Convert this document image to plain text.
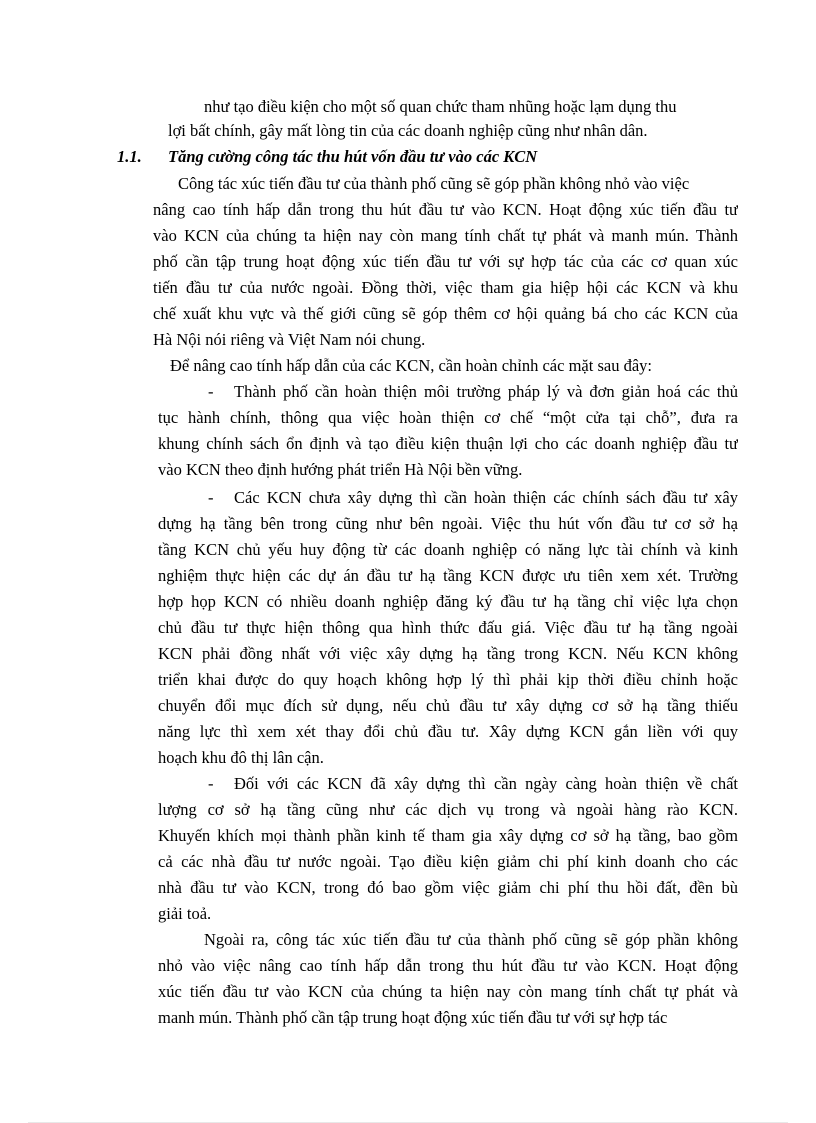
như tạo điều kiện cho một số quan chức tham nhũng hoặc lạm dụng thu
lợi bất chính, gây mất lòng tin của các doanh nghiệp cũng như nhân dân.
1.1. Tăng cường công tác thu hút vốn đầu tư vào các KCN
Công tác xúc tiến đầu tư của thành phố cũng sẽ góp phần không nhỏ vào việc
nâng cao tính hấp dẫn trong thu hút đầu tư vào KCN. Hoạt động xúc tiến đầu tư
vào KCN của chúng ta hiện nay còn mang tính chất tự phát và manh mún. Thành
phố cần tập trung hoạt động xúc tiến đầu tư với sự hợp tác của các cơ quan xúc
tiến đầu tư của nước ngoài. Đồng thời, việc tham gia hiệp hội các KCN và khu
chế xuất khu vực và thế giới cũng sẽ góp thêm cơ hội quảng bá cho các KCN của
Hà Nội nói riêng và Việt Nam nói chung.
Để nâng cao tính hấp dẫn của các KCN, cần hoàn chỉnh các mặt sau đây:
- Thành phố cần hoàn thiện môi trường pháp lý và đơn giản hoá các thủ
tục hành chính, thông qua việc hoàn thiện cơ chế “một cửa tại chỗ”, đưa ra
khung chính sách ổn định và tạo điều kiện thuận lợi cho các doanh nghiệp đầu tư
vào KCN theo định hướng phát triển Hà Nội bền vững.
- Các KCN chưa xây dựng thì cần hoàn thiện các chính sách đầu tư xây
dựng hạ tầng bên trong cũng như bên ngoài. Việc thu hút vốn đầu tư cơ sở hạ
tầng KCN chủ yếu huy động từ các doanh nghiệp có năng lực tài chính và kinh
nghiệm thực hiện các dự án đầu tư hạ tầng KCN được ưu tiên xem xét. Trường
hợp họp KCN có nhiều doanh nghiệp đăng ký đầu tư hạ tầng chỉ việc lựa chọn
chủ đầu tư thực hiện thông qua hình thức đấu giá. Việc đầu tư hạ tầng ngoài
KCN phải đồng nhất với việc xây dựng hạ tầng trong KCN. Nếu KCN không
triển khai được do quy hoạch không hợp lý thì phải kịp thời điều chỉnh hoặc
chuyển đổi mục đích sử dụng, nếu chủ đầu tư xây dựng cơ sở hạ tầng thiếu
năng lực thì xem xét thay đổi chủ đầu tư. Xây dựng KCN gắn liền với quy
hoạch khu đô thị lân cận.
- Đối với các KCN đã xây dựng thì cần ngày càng hoàn thiện về chất
lượng cơ sở hạ tầng cũng như các dịch vụ trong và ngoài hàng rào KCN.
Khuyến khích mọi thành phần kinh tế tham gia xây dựng cơ sở hạ tầng, bao gồm
cả các nhà đầu tư nước ngoài. Tạo điều kiện giảm chi phí kinh doanh cho các
nhà đầu tư vào KCN, trong đó bao gồm việc giảm chi phí thu hồi đất, đền bù
giải toả.
Ngoài ra, công tác xúc tiến đầu tư của thành phố cũng sẽ góp phần không
nhỏ vào việc nâng cao tính hấp dẫn trong thu hút đầu tư vào KCN. Hoạt động
xúc tiến đầu tư vào KCN của chúng ta hiện nay còn mang tính chất tự phát và
manh mún. Thành phố cần tập trung hoạt động xúc tiến đầu tư với sự hợp tác
